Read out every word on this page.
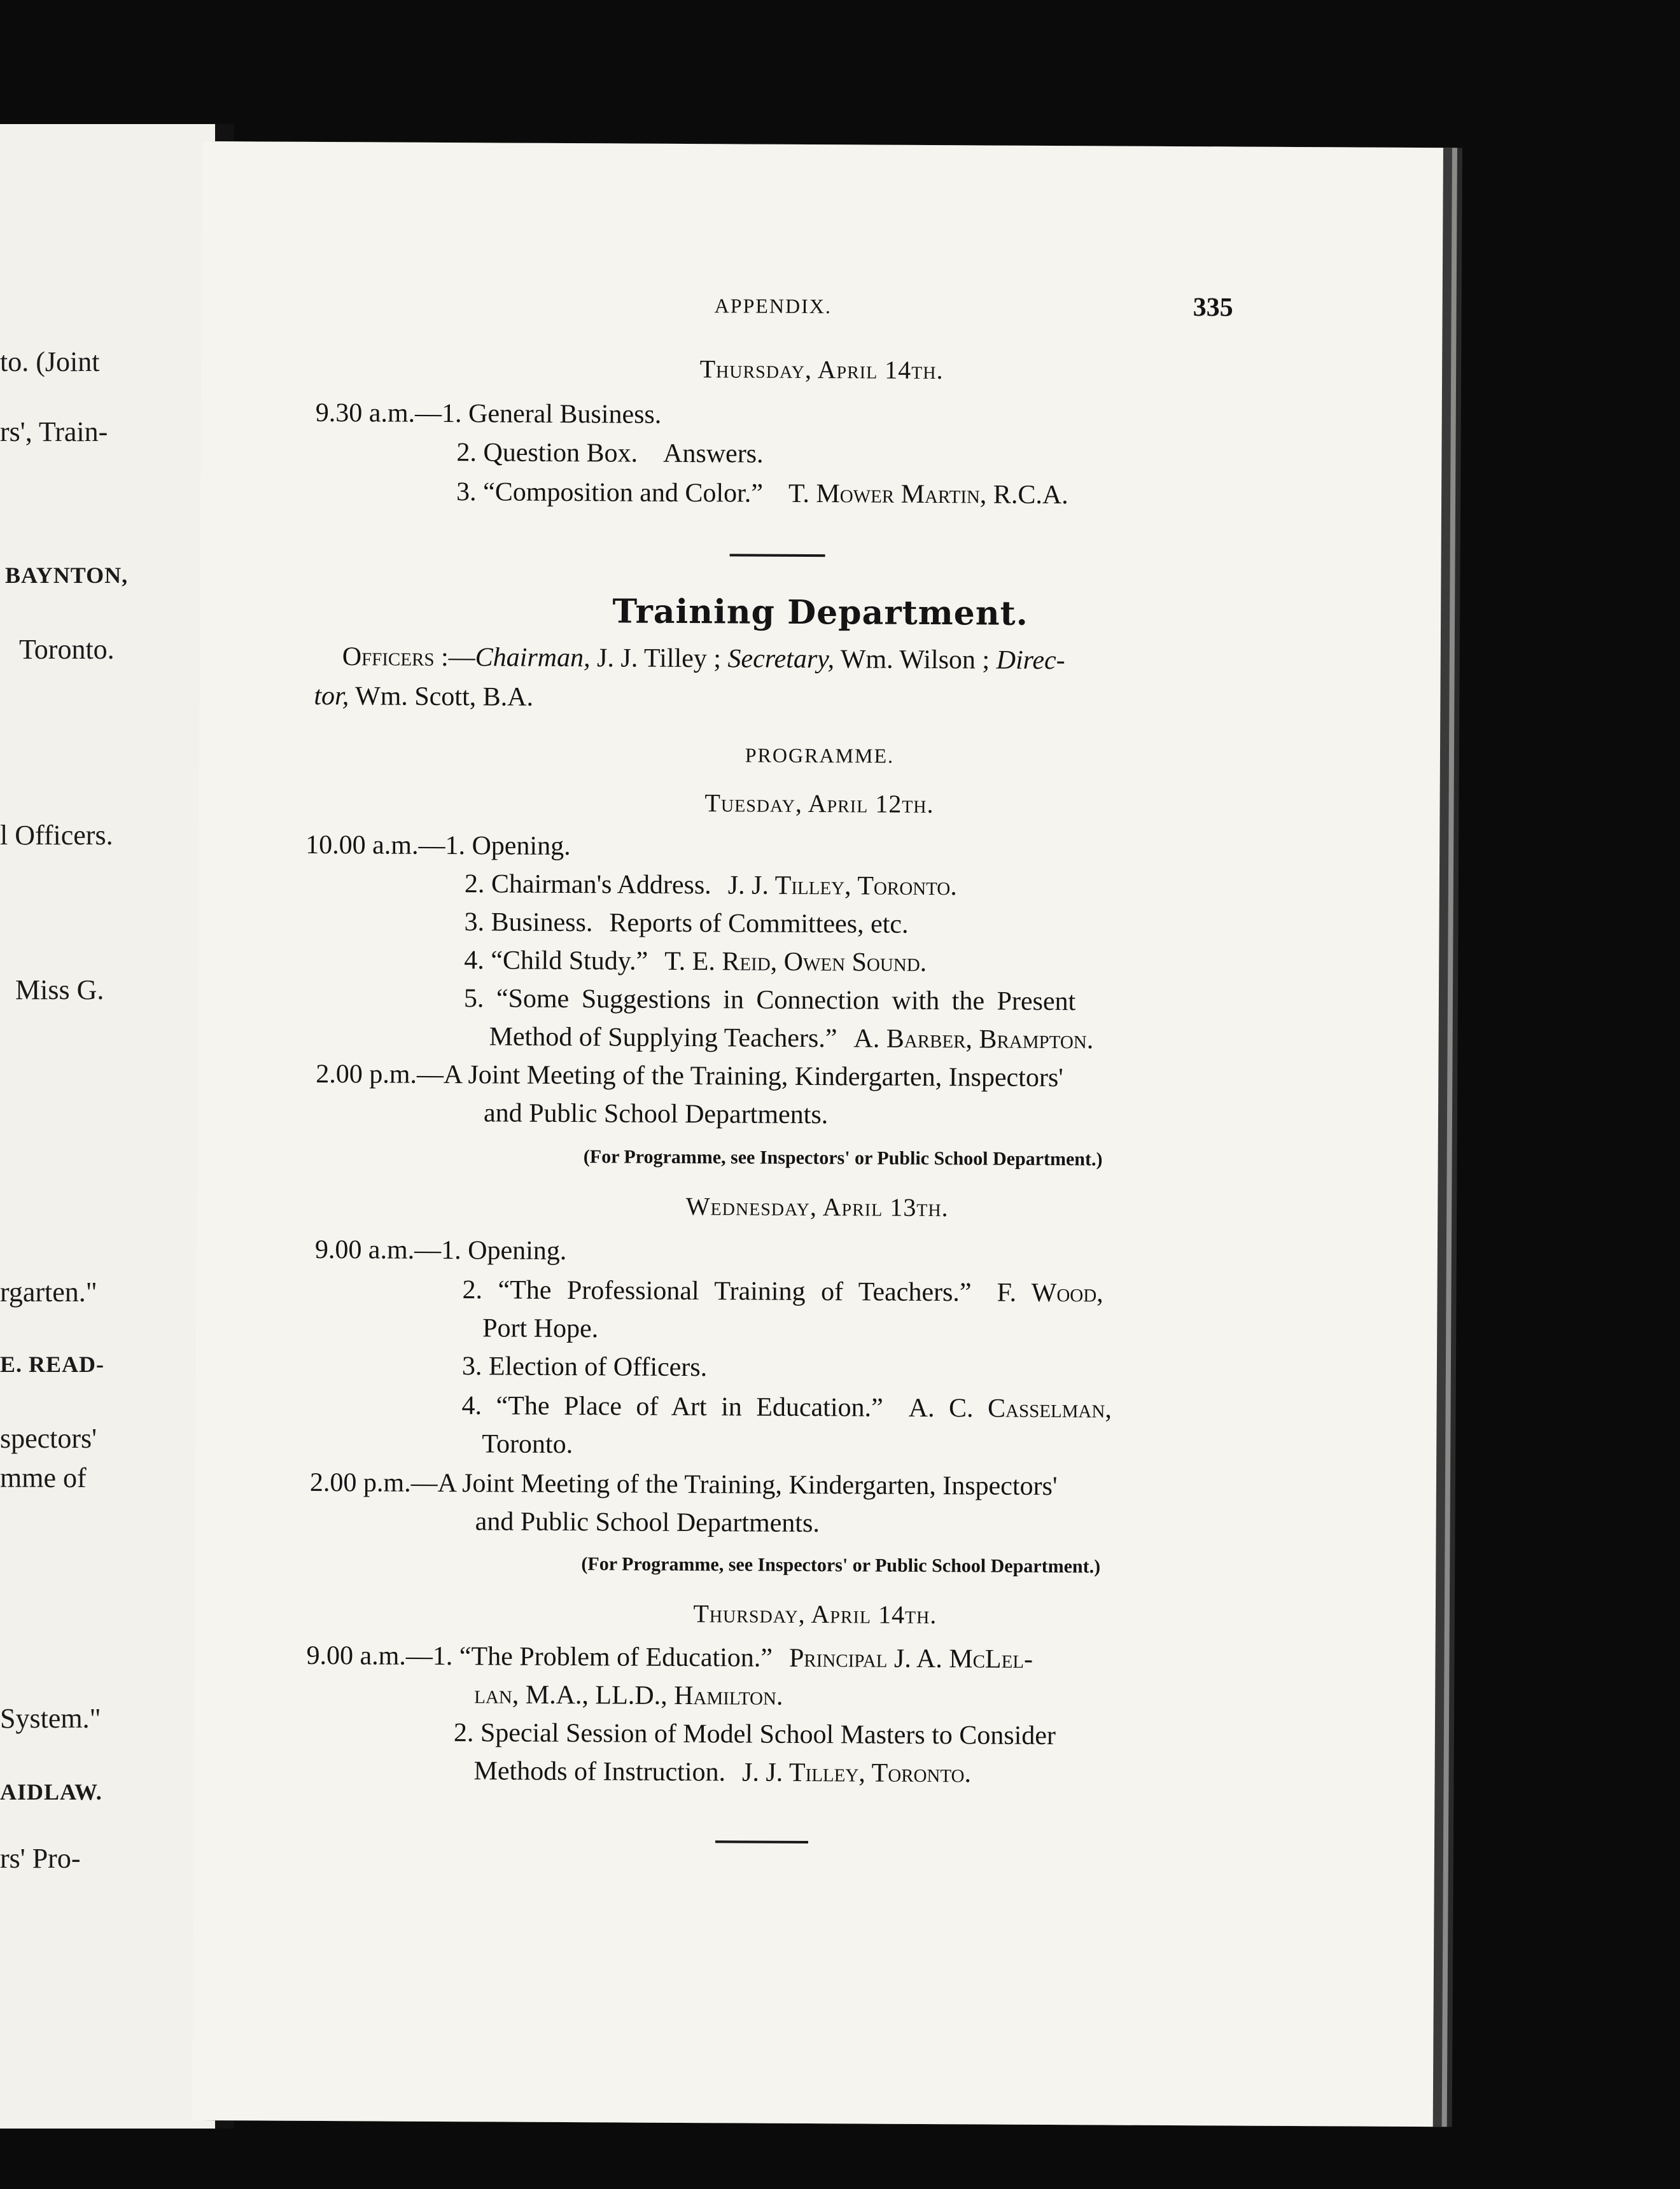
to. (Joint
rs', Train-
BAYNTON,
Toronto.
l Officers.
Miss G.
rgarten."
E. READ-
spectors'
mme of
System."
AIDLAW.
rs' Pro-
APPENDIX.	335
Thursday, April 14th.
9.30 a.m.—1. General Business.
2. Question Box. Answers.
3. “Composition and Color.” T. Mower Martin, R.C.A.
Training Department.
Officers :—Chairman, J. J. Tilley ; Secretary, Wm. Wilson ; Direc-
tor, Wm. Scott, B.A.
PROGRAMME.
Tuesday, April 12th.
10.00 a.m.—1. Opening.
2. Chairman's Address. J. J. Tilley, Toronto.
3. Business. Reports of Committees, etc.
4. “Child Study.” T. E. Reid, Owen Sound.
5. “Some Suggestions in Connection with the Present
Method of Supplying Teachers.” A. Barber, Brampton.
2.00 p.m.—A Joint Meeting of the Training, Kindergarten, Inspectors'
and Public School Departments.
(For Programme, see Inspectors' or Public School Department.)
Wednesday, April 13th.
9.00 a.m.—1. Opening.
2. “The Professional Training of Teachers.” F. Wood,
Port Hope.
3. Election of Officers.
4. “The Place of Art in Education.” A. C. Casselman,
Toronto.
2.00 p.m.—A Joint Meeting of the Training, Kindergarten, Inspectors'
and Public School Departments.
(For Programme, see Inspectors' or Public School Department.)
Thursday, April 14th.
9.00 a.m.—1. “The Problem of Education.” Principal J. A. McLel-
lan, M.A., LL.D., Hamilton.
2. Special Session of Model School Masters to Consider
Methods of Instruction. J. J. Tilley, Toronto.
